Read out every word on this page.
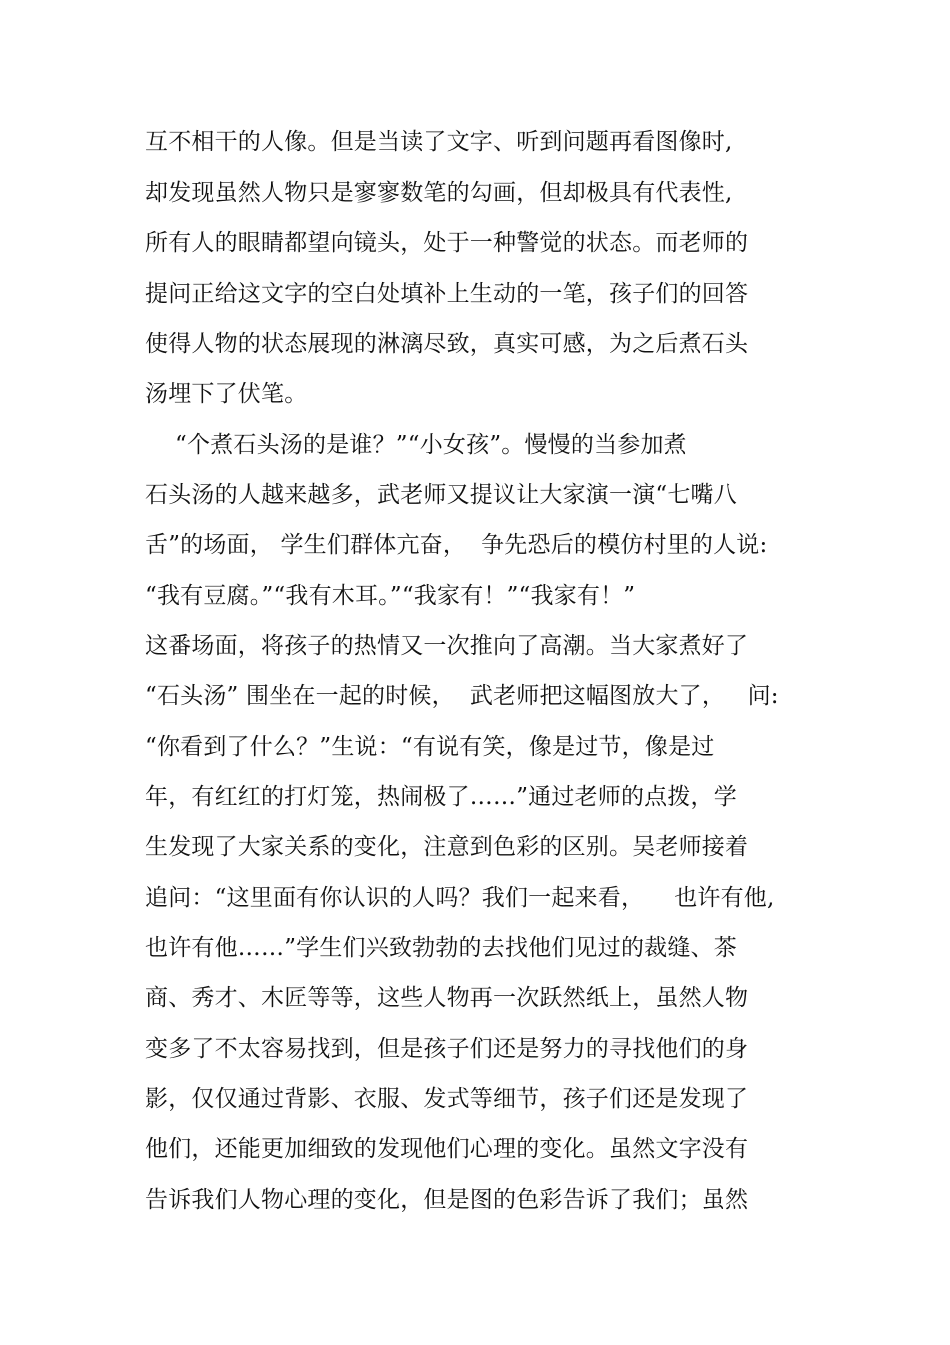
互不相干的人像。但是当读了文字、听到问题再看图像时,
却发现虽然人物只是寥寥数笔的勾画，但却极具有代表性,
所有人的眼睛都望向镜头，处于一种警觉的状态。而老师的
提问正给这文字的空白处填补上生动的一笔，孩子们的回答
使得人物的状态展现的淋漓尽致，真实可感，为之后煮石头
汤埋下了伏笔。
“个煮石头汤的是谁？”“小女孩”。慢慢的当参加煮
石头汤的人越来越多，武老师又提议让大家演一演“七嘴八
舌”的场面， 学生们群体亢奋，  争先恐后的模仿村里的人说:
“我有豆腐。”“我有木耳。”“我家有！”“我家有！”
这番场面，将孩子的热情又一次推向了高潮。当大家煮好了
“石头汤” 围坐在一起的时候，  武老师把这幅图放大了，   问:
“你看到了什么？”生说：“有说有笑，像是过节，像是过
年，有红红的打灯笼，热闹极了……”通过老师的点拨，学
生发现了大家关系的变化，注意到色彩的区别。吴老师接着
追问：“这里面有你认识的人吗？我们一起来看，    也许有他,
也许有他……”学生们兴致勃勃的去找他们见过的裁缝、茶
商、秀才、木匠等等，这些人物再一次跃然纸上，虽然人物
变多了不太容易找到，但是孩子们还是努力的寻找他们的身
影，仅仅通过背影、衣服、发式等细节，孩子们还是发现了
他们，还能更加细致的发现他们心理的变化。虽然文字没有
告诉我们人物心理的变化，但是图的色彩告诉了我们；虽然
